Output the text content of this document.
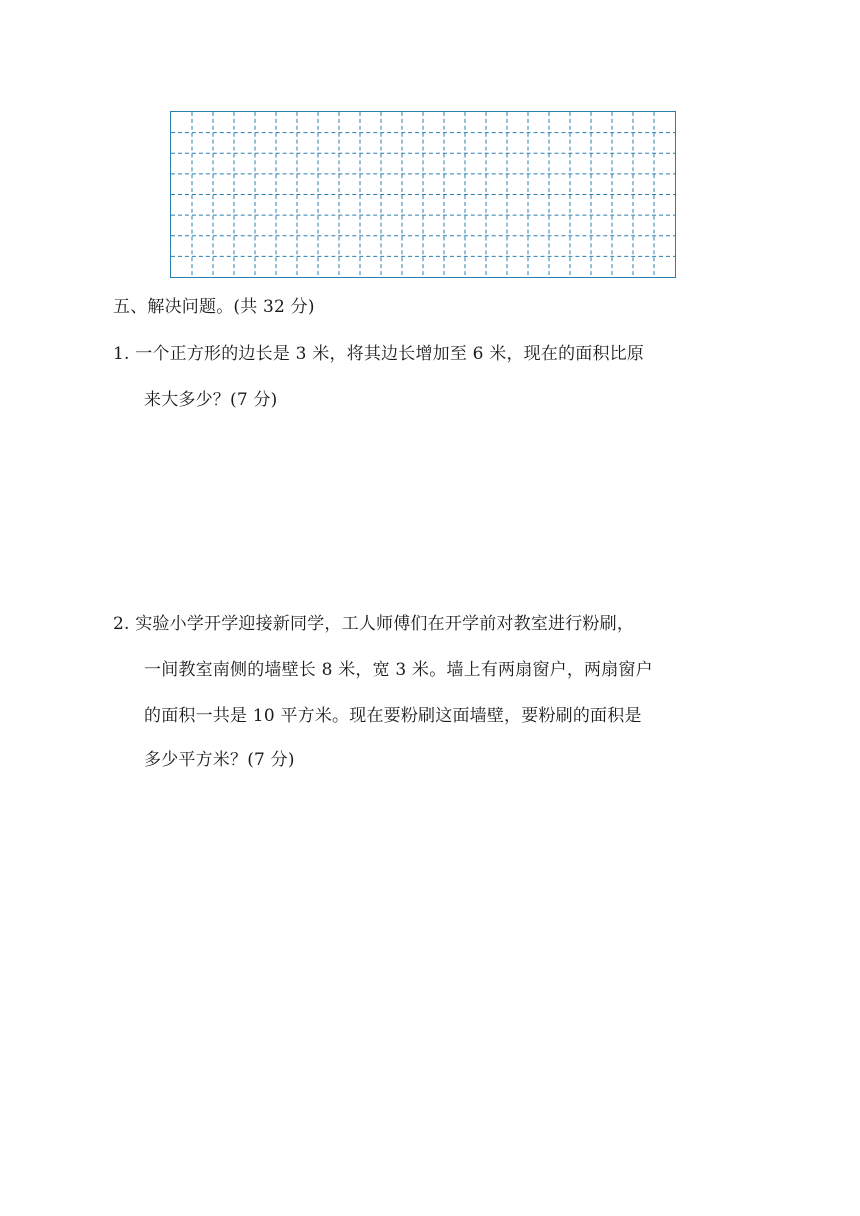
五、解决问题。(共 32 分)
1. 一个正方形的边长是 3 米，将其边长增加至 6 米，现在的面积比原
来大多少？(7 分)
2. 实验小学开学迎接新同学，工人师傅们在开学前对教室进行粉刷，
一间教室南侧的墙壁长 8 米，宽 3 米。墙上有两扇窗户，两扇窗户
的面积一共是 10 平方米。现在要粉刷这面墙壁，要粉刷的面积是
多少平方米？(7 分)
